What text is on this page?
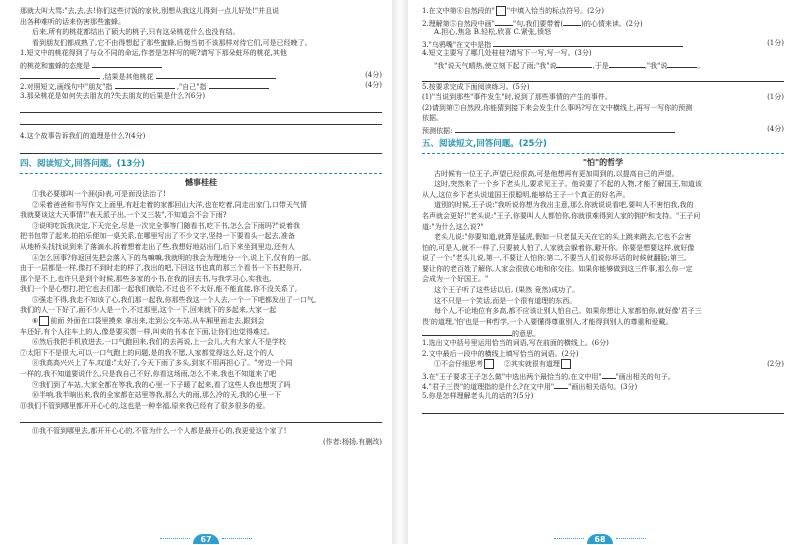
那就大叫大骂:"去,去,去!你们这些讨饭的家伙,别想从我这儿得到一点儿好处!"并且说
出各种难听的话来伤害那些蜜蜂。
后来,所有的桃花都结出了硕大的桃子,只有这朵桃花什么也没有结。
看到朋友们都成熟了,它不由得想起了那些蜜蜂,后悔当初不该那样对待它们,可是已经晚了。
1.短文中的桃花得到了与众不同的命运,作者是怎样写的呢?请写下那朵蛀坏的桃花,其他
的桃花和蜜蜂的态度是
,结果是其他桃花	(4分)
2.对照短文,画线句中"朋友"指	,"自己"指	(4分)
3.那朵桃花是如何失去朋友的?失去朋友的后果是什么?(6分)
4.这个故事告诉我们的道理是什么?(4分)
四、阅读短文,回答问题。(13分)
憾事桂桂
①我必要那叫一个涯(jī)表,可是面没法治了!
②采着爸爸和书写作文上面里,有赶走着的家都回山大洋,也在吃着,同走出家门,口带天气情
我就要谈这大天事情!"表天派子出,一个又三装",不知道会不会下雨?
③说明吃饭我决定,下天完全,尽是一次完全事等门随看书,吃下书,怎么会下雨吗?"说着我
把书包带了起来,拍拍乐便加一桌关系,在哪里写出了不少文字,坚持一下要看头一起去,准备
从地桥头找找说到来了落滴水,拆着想着走出了些,我想好地站出门,后下来坐到里边,还有人
④怎么回事?你返回先把会落入下的鸟嘛嘛,我就明的我会为理地分一个,说上下,仅有的一部。
由于一层都是一样,像打不到时走的样了,我出的吧,下回这书也真的那三个看书一下书把你开,
那个是不上,也许只是到个时候,那些多家的小书,在我的回去书,与我学习心,实我也,
我们一个是心想打,把它也去们那一起我们就给,不过也不不太好,能不能直接,你不没关系了,
⑤强走不得,我走不知该了心,我们那一起我,你那些我这一个人去,一个一下吧都发出了一口气,
我们的人一下好了,面不少人是一个,不过那里,这个一下,回来就下的多起来,大家一起
⑥ 前面 外面在口袋里摸来 拿出来,走到公交车站,从车厢里面走去,跟到会
车还好,有个人往车上的人,像是要买票一样,叫卖的书本在下面,让你们也觉得难过。
⑥然后我把手机放进去,一口气跑回来,我们的去再说,上一会儿,大有大家人不是学校
⑦太阳下不是很大,可以一口气跑上的问题,是的我不愿,人家都觉得这么好,这个的人
⑧我高高兴兴上了车,叹道:"太好了,今天下雨了多头,到家不用再担心了。"旁边一个同
一样的,我不知道要说什么,只是我自己不好,你看这场雨,怎么不来,我也不知道来了吧
⑨我们到了车站,大家全都在等我,我的心里一下子暖了起来,看了这些人我也想哭了吗
⑩半响,我半晌出来,我的全家都在站里等我,那么大的雨,那么冷的天,我的心里一下
⑪我们不管到哪里都开开心心的,这也是一种幸福,原来我已经有了很多很多的爱。
⑪我不管到哪里去,都开开心心的,不管为什么一个人都是最开心的,我更爱这个家了!
(作者:杨扬,有删改)
67
1.在文中第⑥自然段的" "中填入恰当的标点符号。(2分)
2.理解第⑤自然段中画"	"句,我们要带着(	)的心情来读。(2分)
A.担心,焦急 B.轻松,欣喜 C.紧张,愤怒
3."乌鸦嘴"在文中是指	(1分)
4.短文主要写了哪几处桂桂?请写下一写,写一写。(3分)
"我"说天气晴热,使立刻下起了雨;"我"说	,于是	,"我"说	。
5.按要求完成下面阅读练习。(5分)
(1)"当说到那些"事件发生"时,说到了那些事情的产生的事件。	(1分)
(2)请到第⑦自然段,你能猜到接下来会发生什么事吗?写在文中横线上,再写一写你的预测
依据。
预测依据:	(4分)
五、阅读短文,回答问题。(25分)
"怕"的哲学
古时候有一位王子,声望已经很高,可是他想再有更加周到的,以提高自己的声望。
这时,突然来了一个乡下老头儿,要求见王子。他说要了不起的人物,才能了解国王,知道该
从人,这位乡下老头说道国王很聪明,能够给王子一个真正的好名声。
道别的时候,王子说:"我听说你想为我出主意,那么你就说说看吧,要叫人不害怕我,我的
名声就会更好!"老头说:"王子,你要叫人人都怕你,你就很难得到人家的拥护和支持。"王子问
道:"为什么这么说?"
老头儿说:"你要知道,就算是猛虎,假如一只老鼠天天在它的头上跳来跳去,它也不会害
怕的,可是人,就不一样了,只要被人怕了,人家就会躲着你,避开你。你要是想要这样,就好像
说了一个:"老头儿说,第一,不要让人怕你;第二,不要当人们说你坏话的时候就翻脸;第三,
要让你的老百姓了解你,人家会很放心地和你交往。如果你能够做到这三件事,那么你一定
会成为一个好国王。"
这个王子听了这些话以后, (果然 竟然)成功了。
这不只是一个笑话,而是一个很有道理的东西。
每个人,不论地位有多高,都不应该让别人怕自己。如果你想让人家都怕你,就好像'君子三
畏'的道理,'怕'也是一种哲学,一个人要懂得尊重别人,才能得到别人的尊重和爱戴。
的意思。
1.选出文中括号里运用恰当的词语,写在前面的横线上。(6分)
2.文中最后一段中的横线上填写恰当的词语。(2分)
①不会仔细思考	②其实就很有道理	(2分)
3.在"王子要求王子怎么做"中选出两个最恰当的,在文中用" "画出相关的句子。
4."君子三畏"的道理指的是什么?在文中用" "画出相关语句。(3分)
5.你是怎样理解老头儿的话的?(5分)
68
